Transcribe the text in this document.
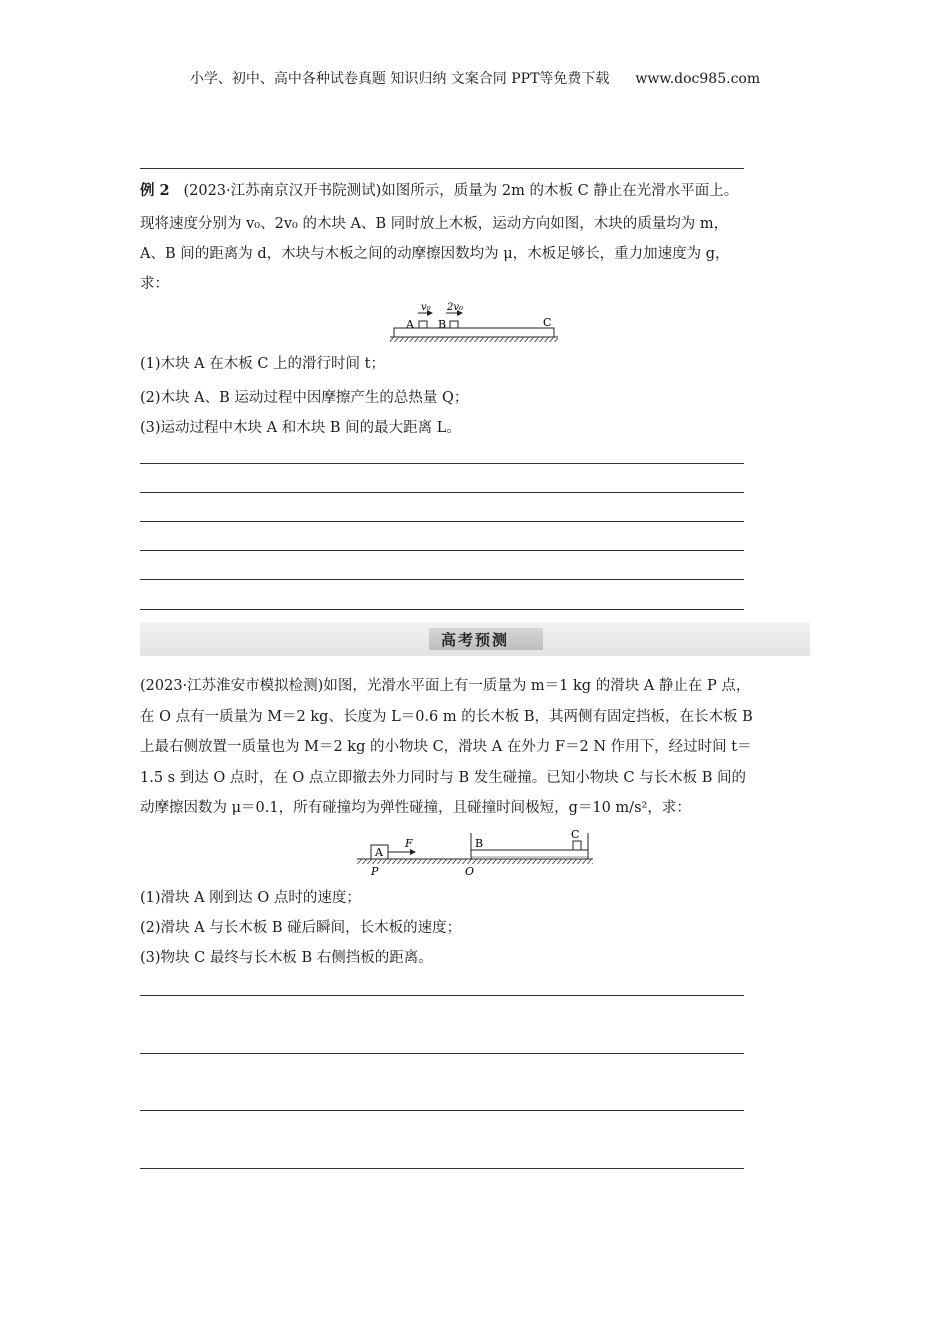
小学、初中、高中各种试卷真题 知识归纳 文案合同 PPT等免费下载 www.doc985.com
例 2 (2023·江苏南京汉开书院测试)如图所示，质量为 2m 的木板 C 静止在光滑水平面上。
现将速度分别为 v₀、2v₀ 的木块 A、B 同时放上木板，运动方向如图，木块的质量均为 m，
A、B 间的距离为 d，木块与木板之间的动摩擦因数均为 μ，木板足够长，重力加速度为 g，
求：
A B	C
v₀ 2v₀
(1)木块 A 在木板 C 上的滑行时间 t；
(2)木块 A、B 运动过程中因摩擦产生的总热量 Q；
(3)运动过程中木块 A 和木块 B 间的最大距离 L。
高考预测
(2023·江苏淮安市模拟检测)如图，光滑水平面上有一质量为 m＝1 kg 的滑块 A 静止在 P 点，
在 O 点有一质量为 M＝2 kg、长度为 L＝0.6 m 的长木板 B，其两侧有固定挡板，在长木板 B
上最右侧放置一质量也为 M＝2 kg 的小物块 C，滑块 A 在外力 F＝2 N 作用下，经过时间 t＝
1.5 s 到达 O 点时，在 O 点立即撤去外力同时与 B 发生碰撞。已知小物块 C 与长木板 B 间的
动摩擦因数为 μ＝0.1，所有碰撞均为弹性碰撞，且碰撞时间极短，g＝10 m/s²，求：
A
F
P
B
C
O
(1)滑块 A 刚到达 O 点时的速度；
(2)滑块 A 与长木板 B 碰后瞬间，长木板的速度；
(3)物块 C 最终与长木板 B 右侧挡板的距离。
